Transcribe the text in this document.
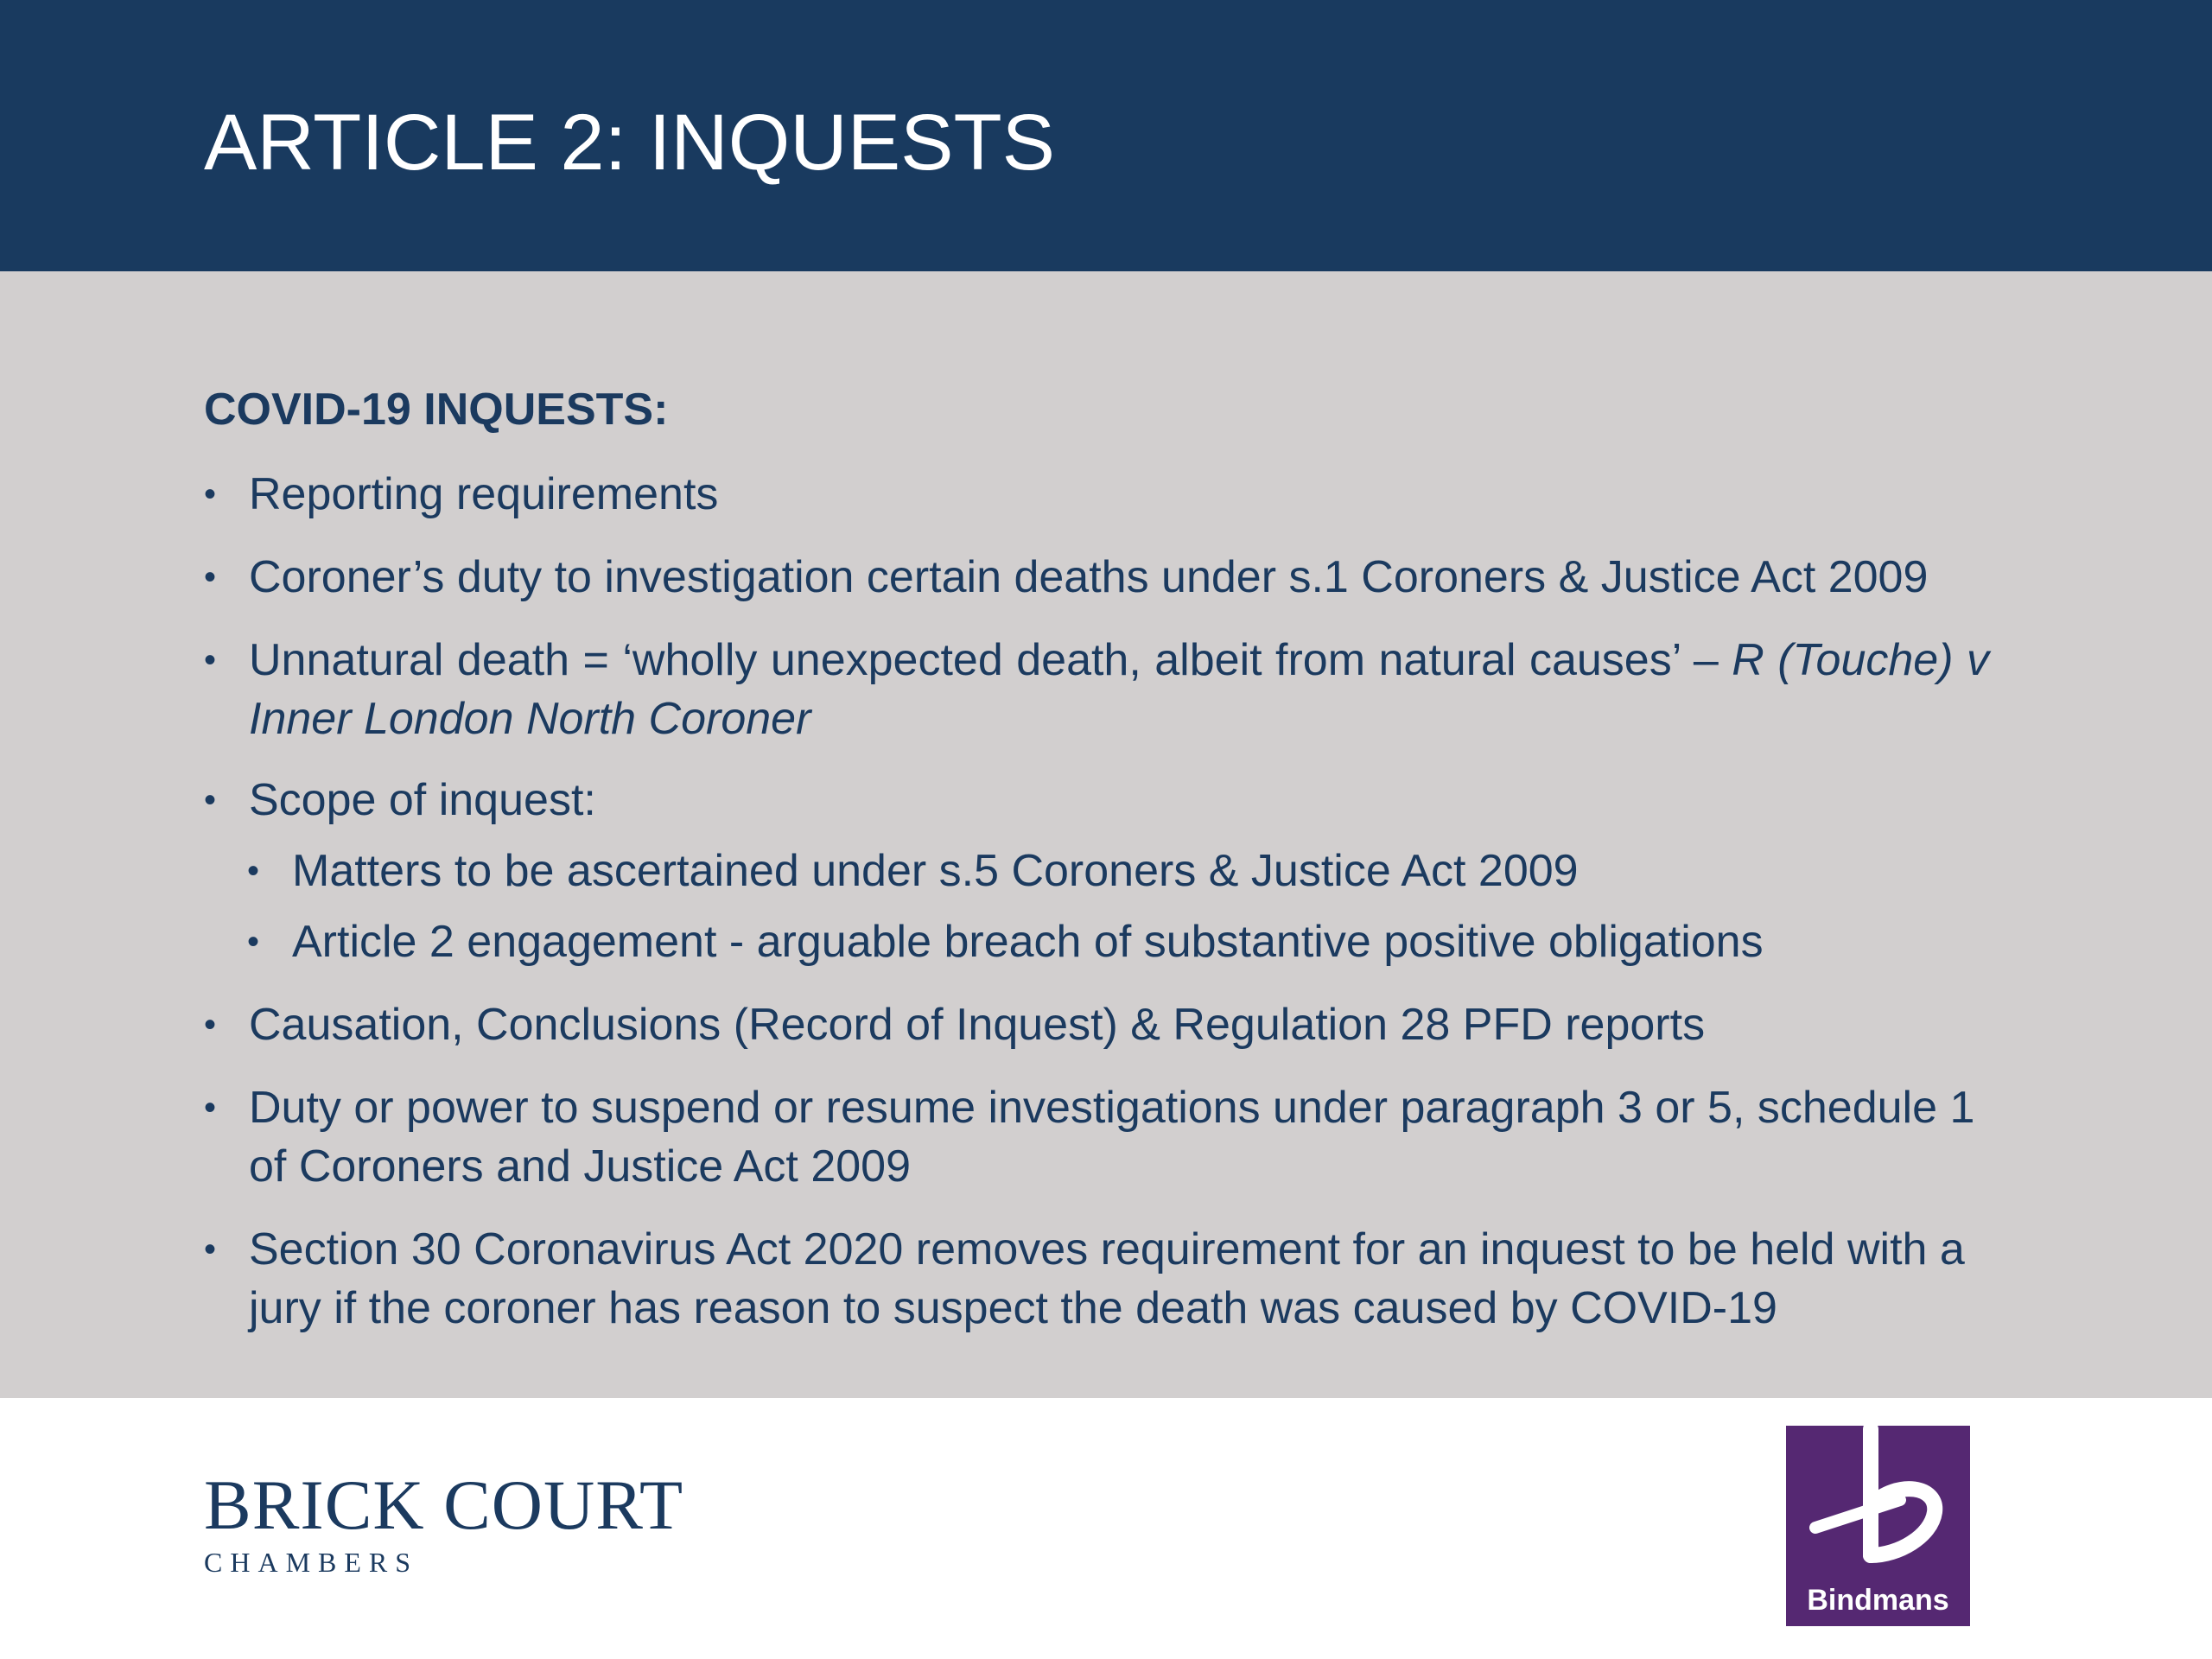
ARTICLE 2: INQUESTS
COVID-19 INQUESTS:
• Reporting requirements
• Coroner’s duty to investigation certain deaths under s.1 Coroners & Justice Act 2009
• Unnatural death = ‘wholly unexpected death, albeit from natural causes’ – R (Touche) v Inner London North Coroner
• Scope of inquest:
• Matters to be ascertained under s.5 Coroners & Justice Act 2009
• Article 2 engagement - arguable breach of substantive positive obligations
• Causation, Conclusions (Record of Inquest) & Regulation 28 PFD reports
• Duty or power to suspend or resume investigations under paragraph 3 or 5, schedule 1 of Coroners and Justice Act 2009
• Section 30 Coronavirus Act 2020 removes requirement for an inquest to be held with a jury if the coroner has reason to suspect the death was caused by COVID-19
BRICK COURT
CHAMBERS
Bindmans
